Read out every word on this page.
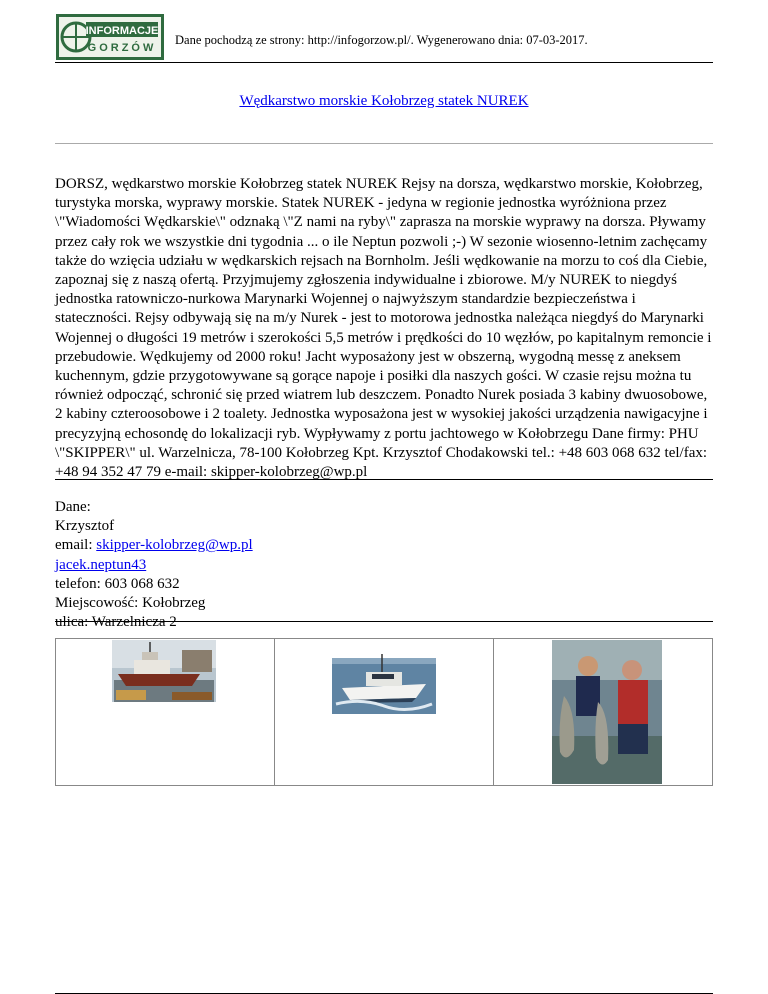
INFORMACJE
GORZÓW
Dane pochodzą ze strony: http://infogorzow.pl/. Wygenerowano dnia: 07-03-2017.
Wędkarstwo morskie Kołobrzeg statek NUREK
DORSZ, wędkarstwo morskie Kołobrzeg statek NUREK Rejsy na dorsza, wędkarstwo morskie, Kołobrzeg, turystyka morska, wyprawy morskie. Statek NUREK - jedyna w regionie jednostka wyróżniona przez \"Wiadomości Wędkarskie\" odznaką \"Z nami na ryby\" zaprasza na morskie wyprawy na dorsza. Pływamy przez cały rok we wszystkie dni tygodnia ... o ile Neptun pozwoli ;-) W sezonie wiosenno-letnim zachęcamy także do wzięcia udziału w wędkarskich rejsach na Bornholm. Jeśli wędkowanie na morzu to coś dla Ciebie, zapoznaj się z naszą ofertą. Przyjmujemy zgłoszenia indywidualne i zbiorowe. M/y NUREK to niegdyś jednostka ratowniczo-nurkowa Marynarki Wojennej o najwyższym standardzie bezpieczeństwa i stateczności. Rejsy odbywają się na m/y Nurek - jest to motorowa jednostka należąca niegdyś do Marynarki Wojennej o długości 19 metrów i szerokości 5,5 metrów i prędkości do 10 węzłów, po kapitalnym remoncie i przebudowie. Wędkujemy od 2000 roku! Jacht wyposażony jest w obszerną, wygodną messę z aneksem kuchennym, gdzie przygotowywane są gorące napoje i posiłki dla naszych gości. W czasie rejsu można tu również odpocząć, schronić się przed wiatrem lub deszczem. Ponadto Nurek posiada 3 kabiny dwuosobowe, 2 kabiny czteroosobowe i 2 toalety. Jednostka wyposażona jest w wysokiej jakości urządzenia nawigacyjne i precyzyjną echosondę do lokalizacji ryb. Wypływamy z portu jachtowego w Kołobrzegu Dane firmy: PHU \"SKIPPER\" ul. Warzelnicza, 78-100 Kołobrzeg Kpt. Krzysztof Chodakowski tel.: +48 603 068 632 tel/fax: +48 94 352 47 79 e-mail: skipper-kolobrzeg@wp.pl
Dane:
Krzysztof
email: skipper-kolobrzeg@wp.pl
jacek.neptun43
telefon: 603 068 632
Miejscowość: Kołobrzeg
ulica: Warzelnicza 2
